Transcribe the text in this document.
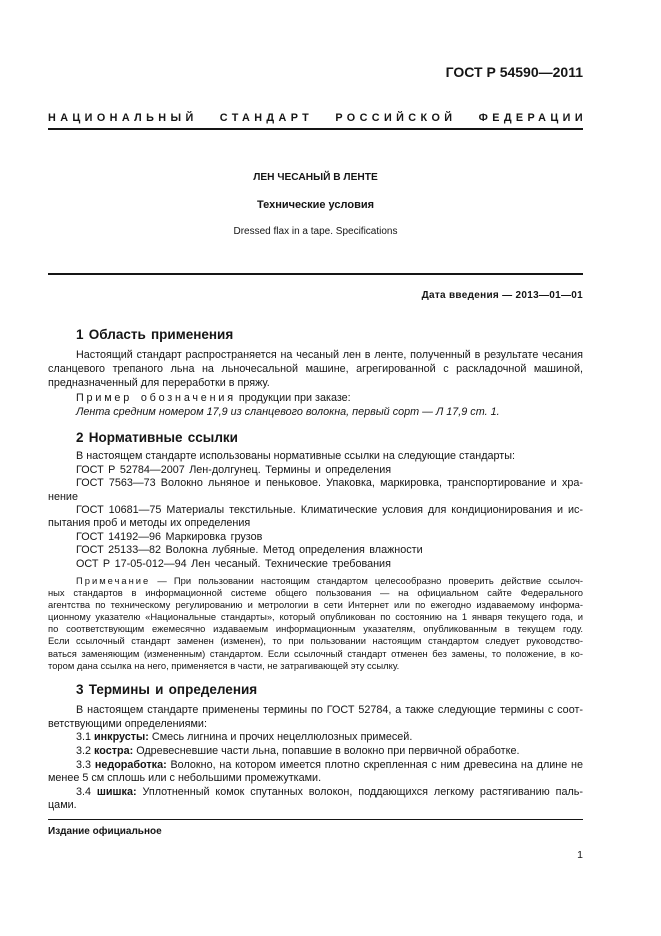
ГОСТ Р 54590—2011
НАЦИОНАЛЬНЫЙ СТАНДАРТ РОССИЙСКОЙ ФЕДЕРАЦИИ
ЛЕН ЧЕСАНЫЙ В ЛЕНТЕ
Технические условия
Dressed flax in a tape. Specifications
Дата введения — 2013—01—01
1 Область применения
Настоящий стандарт распространяется на чесаный лен в ленте, полученный в результате чесания
сланцевого трепаного льна на льночесальной машине, агрегированной с раскладочной машиной,
предназначенный для переработки в пряжу.
Пример обозначения продукции при заказе:
Лента средним номером 17,9 из сланцевого волокна, первый сорт — Л 17,9 ст. 1.
2 Нормативные ссылки
В настоящем стандарте использованы нормативные ссылки на следующие стандарты:
ГОСТ Р 52784—2007 Лен-долгунец. Термины и определения
ГОСТ 7563—73 Волокно льняное и пеньковое. Упаковка, маркировка, транспортирование и хра-
нение
ГОСТ 10681—75 Материалы текстильные. Климатические условия для кондиционирования и ис-
пытания проб и методы их определения
ГОСТ 14192—96 Маркировка грузов
ГОСТ 25133—82 Волокна лубяные. Метод определения влажности
ОСТ Р 17-05-012—94 Лен чесаный. Технические требования
Примечание — При пользовании настоящим стандартом целесообразно проверить действие ссылоч-
ных стандартов в информационной системе общего пользования — на официальном сайте Федерального
агентства по техническому регулированию и метрологии в сети Интернет или по ежегодно издаваемому информа-
ционному указателю «Национальные стандарты», который опубликован по состоянию на 1 января текущего года, и
по соответствующим ежемесячно издаваемым информационным указателям, опубликованным в текущем году.
Если ссылочный стандарт заменен (изменен), то при пользовании настоящим стандартом следует руководство-
ваться заменяющим (измененным) стандартом. Если ссылочный стандарт отменен без замены, то положение, в ко-
тором дана ссылка на него, применяется в части, не затрагивающей эту ссылку.
3 Термины и определения
В настоящем стандарте применены термины по ГОСТ 52784, а также следующие термины с соот-
ветствующими определениями:
3.1 инкрусты: Смесь лигнина и прочих нецеллюлозных примесей.
3.2 костра: Одревесневшие части льна, попавшие в волокно при первичной обработке.
3.3 недоработка: Волокно, на котором имеется плотно скрепленная с ним древесина на длине не
менее 5 см сплошь или с небольшими промежутками.
3.4 шишка: Уплотненный комок спутанных волокон, поддающихся легкому растягиванию паль-
цами.
Издание официальное
1
